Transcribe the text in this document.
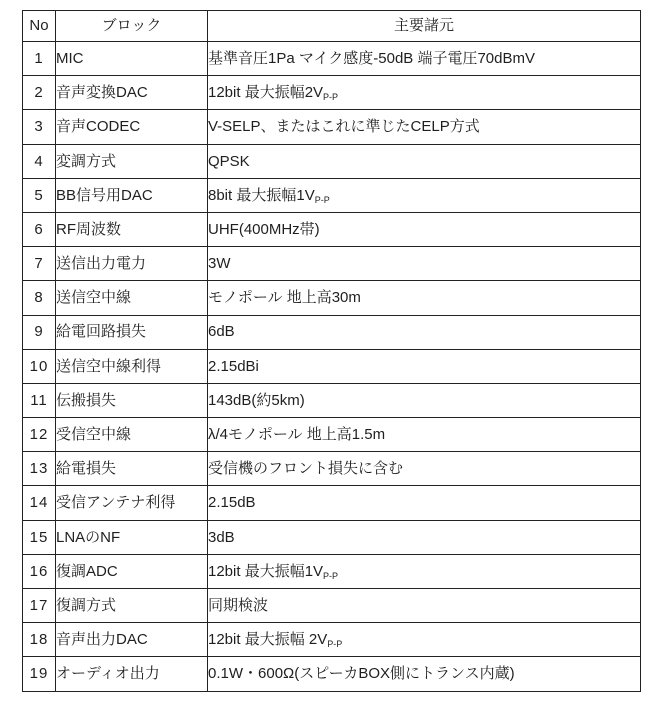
No	ブロック	主要諸元
1	MIC	基準音圧1Pa マイク感度-50dB 端子電圧70dBmV
2	音声変換DAC	12bit 最大振幅$2V_{P-P}$
3	音声CODEC	V-SELP、またはこれに準じたCELP方式
4	変調方式	QPSK
5	BB信号用DAC	8bit 最大振幅$1V_{P-P}$
6	RF周波数	UHF(400MHz帯)
7	送信出力電力	3W
8	送信空中線	モノポール 地上高30m
9	給電回路損失	6dB
10	送信空中線利得	2.15dBi
11	伝搬損失	143dB(約5km)
12	受信空中線	λ/4モノポール 地上高1.5m
13	給電損失	受信機のフロント損失に含む
14	受信アンテナ利得	2.15dB
15	LNAのNF	3dB
16	復調ADC	12bit 最大振幅$1V_{P-P}$
17	復調方式	同期検波
18	音声出力DAC	12bit 最大振幅 $2V_{P-P}$
19	オーディオ出力	0.1W・600Ω(スピーカBOX側にトランス内蔵)
